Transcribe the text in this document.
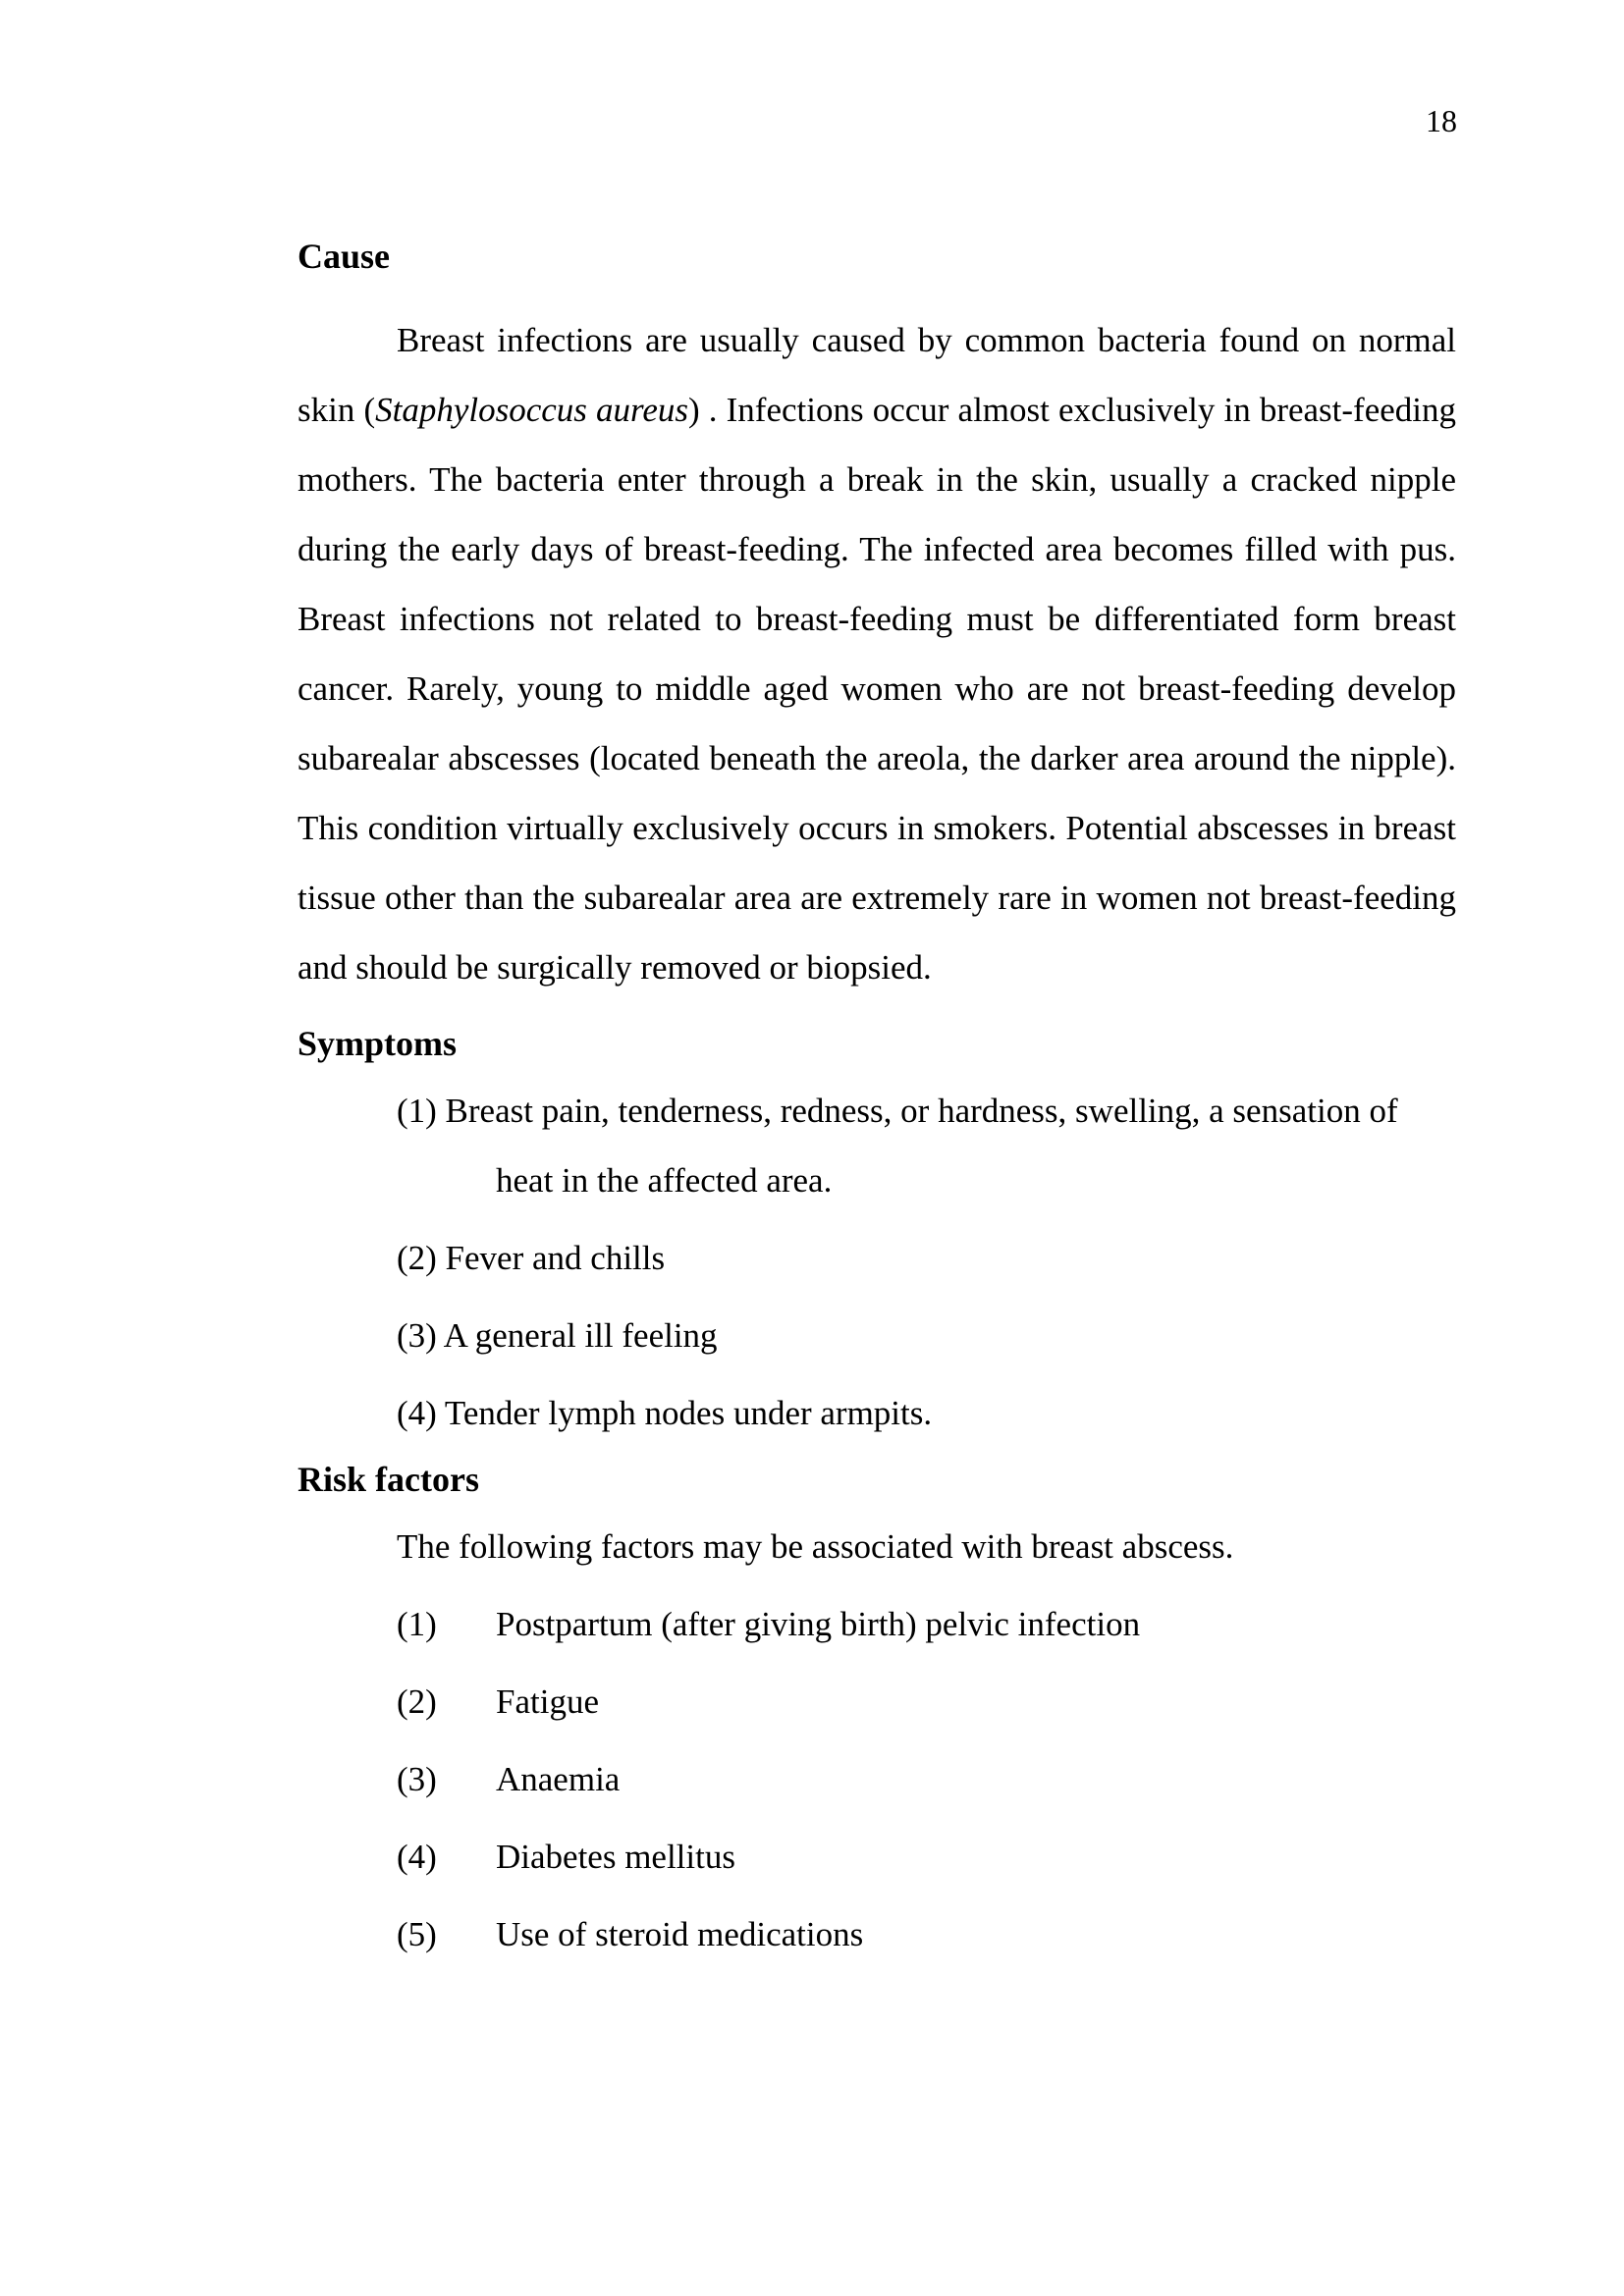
18
Cause

Breast infections are usually caused by common bacteria found on normal skin (Staphylosoccus aureus) . Infections occur almost exclusively in breast-feeding mothers. The bacteria enter through a break in the skin, usually a cracked nipple during the early days of breast-feeding. The infected area becomes filled with pus. Breast infections not related to breast-feeding must be differentiated form breast cancer. Rarely, young to middle aged women who are not breast-feeding develop subarealar abscesses (located beneath the areola, the darker area around the nipple). This condition virtually exclusively occurs in smokers. Potential abscesses in breast tissue other than the subarealar area are extremely rare in women not breast-feeding and should be surgically removed or biopsied.

Symptoms

(1) Breast pain, tenderness, redness, or hardness, swelling, a sensation of
heat in the affected area.

(2) Fever and chills

(3) A general ill feeling

(4) Tender lymph nodes under armpits.

Risk factors

The following factors may be associated with breast abscess.

(1)	Postpartum (after giving birth) pelvic infection
(2)	Fatigue
(3)	Anaemia
(4)	Diabetes mellitus
(5)	Use of steroid medications
